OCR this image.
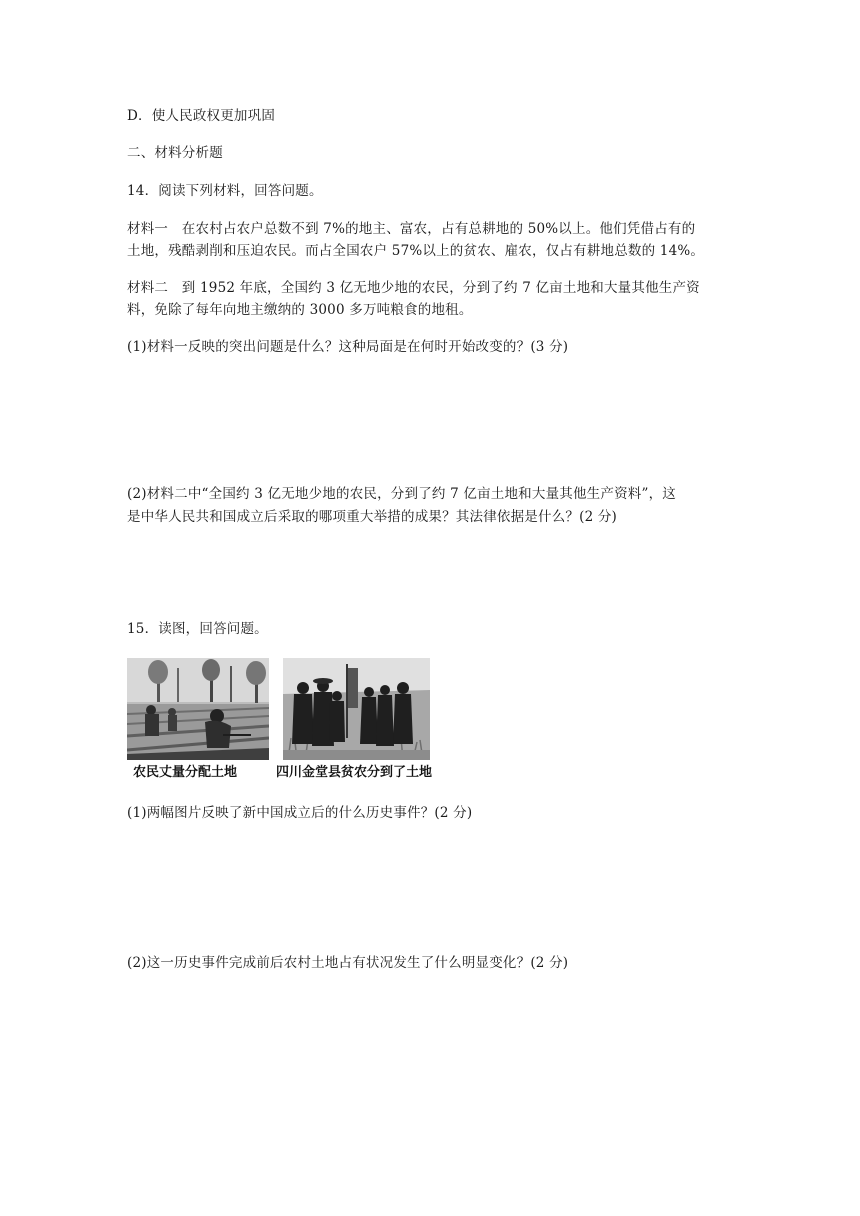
D．使人民政权更加巩固
二、材料分析题
14．阅读下列材料，回答问题。
材料一　在农村占农户总数不到 7%的地主、富农，占有总耕地的 50%以上。他们凭借占有的
土地，残酷剥削和压迫农民。而占全国农户 57%以上的贫农、雇农，仅占有耕地总数的 14%。
材料二　到 1952 年底，全国约 3 亿无地少地的农民，分到了约 7 亿亩土地和大量其他生产资
料，免除了每年向地主缴纳的 3000 多万吨粮食的地租。
(1)材料一反映的突出问题是什么？这种局面是在何时开始改变的？(3 分)
(2)材料二中“全国约 3 亿无地少地的农民，分到了约 7 亿亩土地和大量其他生产资料”，这
是中华人民共和国成立后采取的哪项重大举措的成果？其法律依据是什么？(2 分)
15．读图，回答问题。
农民丈量分配土地	四川金堂县贫农分到了土地
(1)两幅图片反映了新中国成立后的什么历史事件？(2 分)
(2)这一历史事件完成前后农村土地占有状况发生了什么明显变化？(2 分)
